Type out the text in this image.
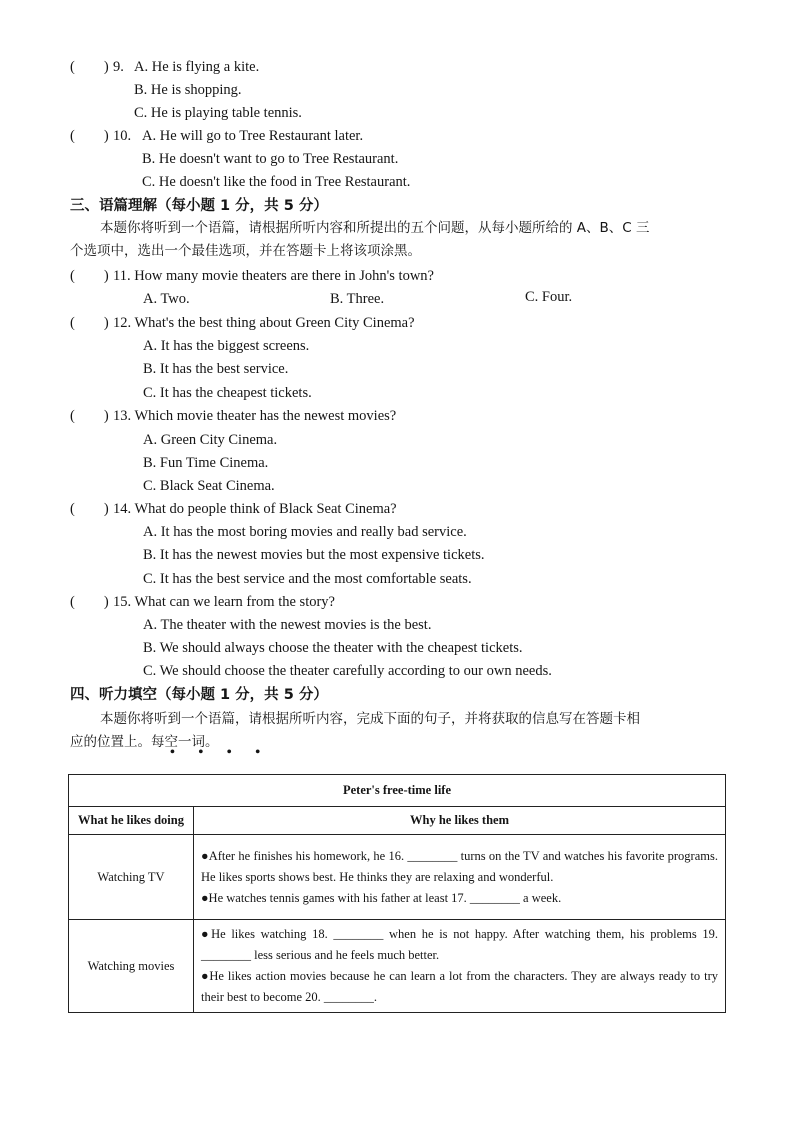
(  ) 9. A. He is flying a kite.
B. He is shopping.
C. He is playing table tennis.
(  ) 10. A. He will go to Tree Restaurant later.
B. He doesn't want to go to Tree Restaurant.
C. He doesn't like the food in Tree Restaurant.
三、语篇理解（每小题 1 分，共 5 分）
本题你将听到一个语篇，请根据所听内容和所提出的五个问题，从每小题所给的 A、B、C 三
个选项中，选出一个最佳选项，并在答题卡上将该项涂黑。
(  ) 11. How many movie theaters are there in John's town?
A. Two.	B. Three.	C. Four.
(  ) 12. What's the best thing about Green City Cinema?
A. It has the biggest screens.
B. It has the best service.
C. It has the cheapest tickets.
(  ) 13. Which movie theater has the newest movies?
A. Green City Cinema.
B. Fun Time Cinema.
C. Black Seat Cinema.
(  ) 14. What do people think of Black Seat Cinema?
A. It has the most boring movies and really bad service.
B. It has the newest movies but the most expensive tickets.
C. It has the best service and the most comfortable seats.
(  ) 15. What can we learn from the story?
A. The theater with the newest movies is the best.
B. We should always choose the theater with the cheapest tickets.
C. We should choose the theater carefully according to our own needs.
四、听力填空（每小题 1 分，共 5 分）
本题你将听到一个语篇，请根据所听内容，完成下面的句子，并将获取的信息写在答题卡相
应的位置上。每空一词。
• • • •
Peter's free-time life	
What he likes doing	Why he likes them
Watching TV	●After he finishes his homework, he 16. ________ turns on the TV and watches his favorite programs. He likes sports shows best. He thinks they are relaxing and wonderful.

●He watches tennis games with his father at least 17. ________ a week.

Watching movies	●He likes watching 18. ________ when he is not happy. After watching them, his problems 19. ________ less serious and he feels much better.

●He likes action movies because he can learn a lot from the characters. They are always ready to try their best to become 20. ________.
